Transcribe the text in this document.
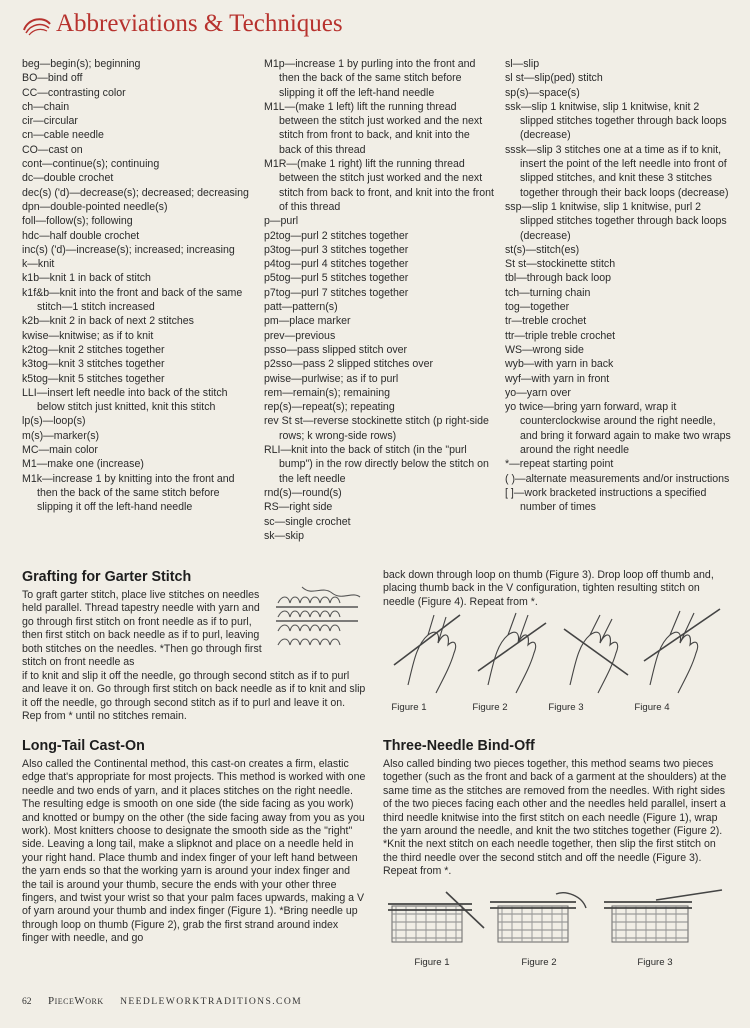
Abbreviations & Techniques
beg—begin(s); beginning
BO—bind off
CC—contrasting color
ch—chain
cir—circular
cn—cable needle
CO—cast on
cont—continue(s); continuing
dc—double crochet
dec(s) ('d)—decrease(s); decreased; decreasing
dpn—double-pointed needle(s)
foll—follow(s); following
hdc—half double crochet
inc(s) ('d)—increase(s); increased; increasing
k—knit
k1b—knit 1 in back of stitch
k1f&b—knit into the front and back of the same stitch—1 stitch increased
k2b—knit 2 in back of next 2 stitches
kwise—knitwise; as if to knit
k2tog—knit 2 stitches together
k3tog—knit 3 stitches together
k5tog—knit 5 stitches together
LLI—insert left needle into back of the stitch below stitch just knitted, knit this stitch
lp(s)—loop(s)
m(s)—marker(s)
MC—main color
M1—make one (increase)
M1k—increase 1 by knitting into the front and then the back of the same stitch before slipping it off the left-hand needle
M1p—increase 1 by purling into the front and then the back of the same stitch before slipping it off the left-hand needle
M1L—(make 1 left) lift the running thread between the stitch just worked and the next stitch from front to back, and knit into the back of this thread
M1R—(make 1 right) lift the running thread between the stitch just worked and the next stitch from back to front, and knit into the front of this thread
p—purl
p2tog—purl 2 stitches together
p3tog—purl 3 stitches together
p4tog—purl 4 stitches together
p5tog—purl 5 stitches together
p7tog—purl 7 stitches together
patt—pattern(s)
pm—place marker
prev—previous
psso—pass slipped stitch over
p2sso—pass 2 slipped stitches over
pwise—purlwise; as if to purl
rem—remain(s); remaining
rep(s)—repeat(s); repeating
rev St st—reverse stockinette stitch (p right-side rows; k wrong-side rows)
RLI—knit into the back of stitch (in the "purl bump") in the row directly below the stitch on the left needle
rnd(s)—round(s)
RS—right side
sc—single crochet
sk—skip
sl—slip
sl st—slip(ped) stitch
sp(s)—space(s)
ssk—slip 1 knitwise, slip 1 knitwise, knit 2 slipped stitches together through back loops (decrease)
sssk—slip 3 stitches one at a time as if to knit, insert the point of the left needle into front of slipped stitches, and knit these 3 stitches together through their back loops (decrease)
ssp—slip 1 knitwise, slip 1 knitwise, purl 2 slipped stitches together through back loops (decrease)
st(s)—stitch(es)
St st—stockinette stitch
tbl—through back loop
tch—turning chain
tog—together
tr—treble crochet
ttr—triple treble crochet
WS—wrong side
wyb—with yarn in back
wyf—with yarn in front
yo—yarn over
yo twice—bring yarn forward, wrap it counterclockwise around the right needle, and bring it forward again to make two wraps around the right needle
*—repeat starting point
( )—alternate measurements and/or instructions
[ ]—work bracketed instructions a specified number of times
Grafting for Garter Stitch
To graft garter stitch, place live stitches on needles held parallel. Thread tapestry needle with yarn and go through first stitch on front needle as if to purl, then first stitch on back needle as if to purl, leaving both stitches on the needles. *Then go through first stitch on front needle as
if to knit and slip it off the needle, go through second stitch as if to purl and leave it on. Go through first stitch on back needle as if to knit and slip it off the needle, go through second stitch as if to purl and leave it on. Rep from * until no stitches remain.
back down through loop on thumb (Figure 3). Drop loop off thumb and, placing thumb back in the V configuration, tighten resulting stitch on needle (Figure 4). Repeat from *.
Figure 1	Figure 2	Figure 3	Figure 4
Long-Tail Cast-On
Also called the Continental method, this cast-on creates a firm, elastic edge that's appropriate for most projects. This method is worked with one needle and two ends of yarn, and it places stitches on the right needle. The resulting edge is smooth on one side (the side facing as you work) and knotted or bumpy on the other (the side facing away from you as you work). Most knitters choose to designate the smooth side as the "right" side. Leaving a long tail, make a slipknot and place on a needle held in your right hand. Place thumb and index finger of your left hand between the yarn ends so that the working yarn is around your index finger and the tail is around your thumb, secure the ends with your other three fingers, and twist your wrist so that your palm faces upwards, making a V of yarn around your thumb and index finger (Figure 1). *Bring needle up through loop on thumb (Figure 2), grab the first strand around index finger with needle, and go
Three-Needle Bind-Off
Also called binding two pieces together, this method seams two pieces together (such as the front and back of a garment at the shoulders) at the same time as the stitches are removed from the needles. With right sides of the two pieces facing each other and the needles held parallel, insert a third needle knitwise into the first stitch on each needle (Figure 1), wrap the yarn around the needle, and knit the two stitches together (Figure 2). *Knit the next stitch on each needle together, then slip the first stitch on the third needle over the second stitch and off the needle (Figure 3). Repeat from *.
Figure 1	Figure 2	Figure 3
62 PieceWork NEEDLEWORKTRADITIONS.COM
